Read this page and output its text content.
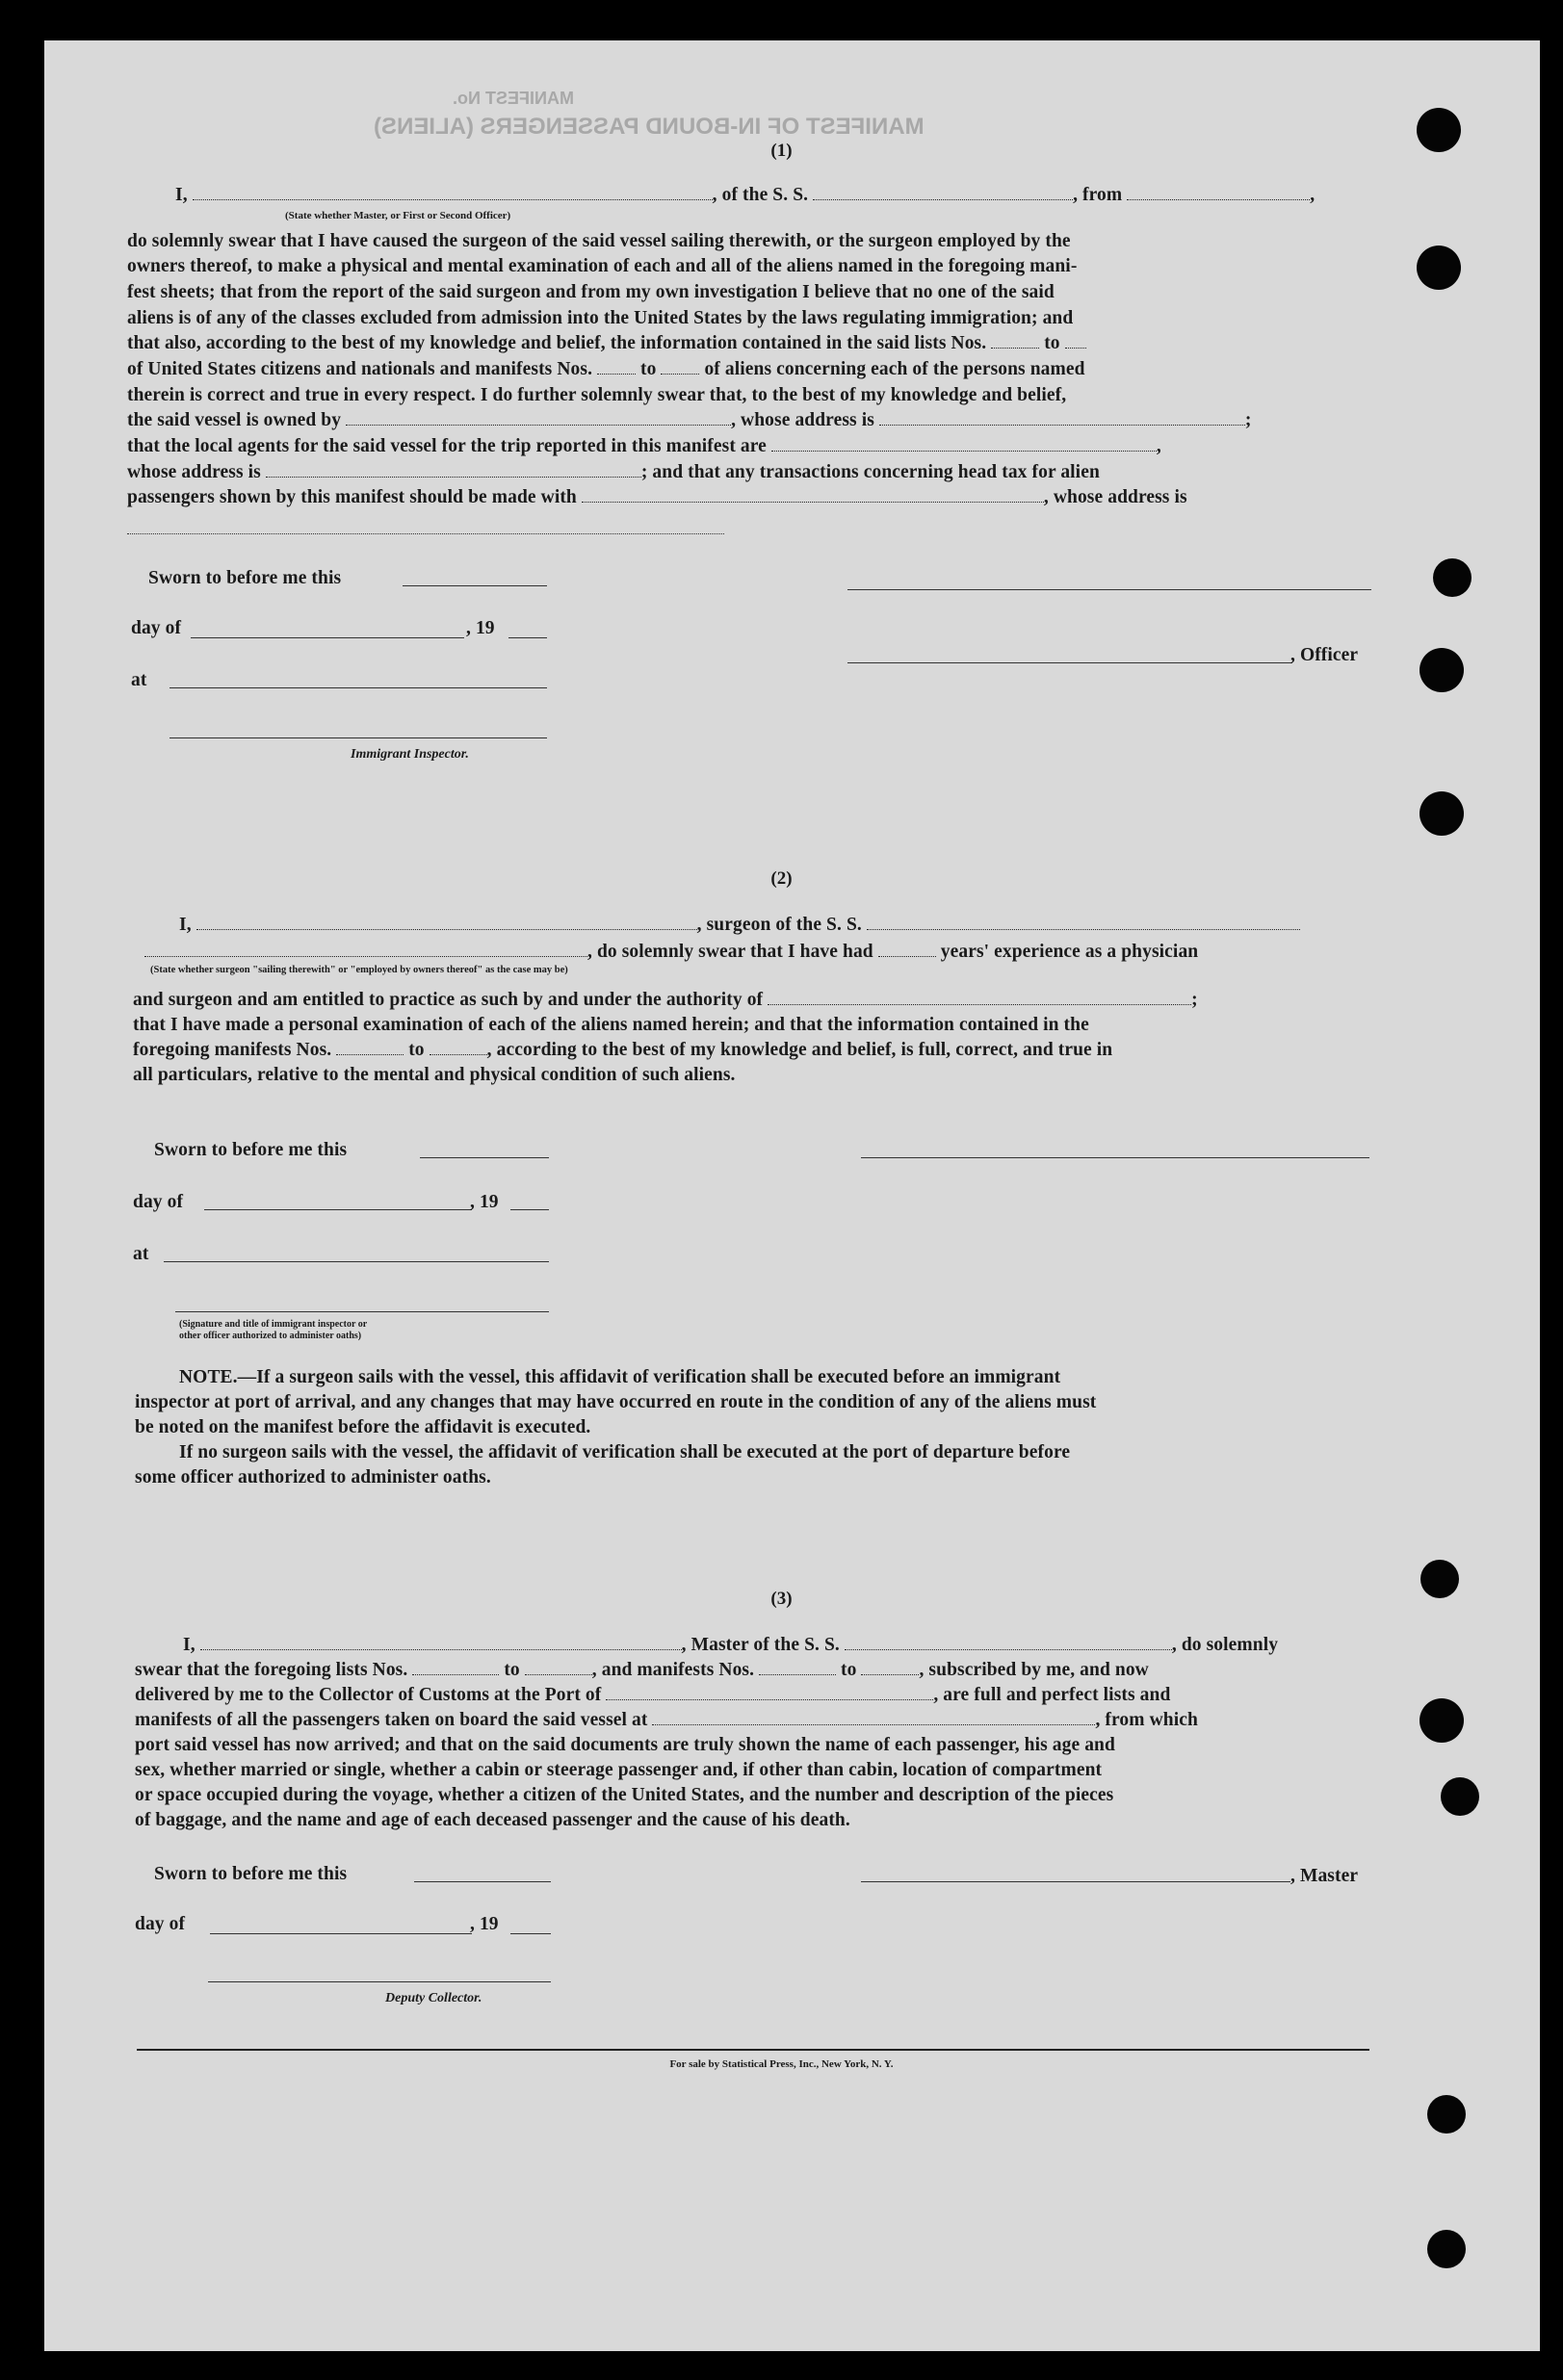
MANIFEST OF IN-BOUND PASSENGERS (ALIENS)
MANIFEST No.
(1)
I,	, of the S. S.	, from	,
(State whether Master, or First or Second Officer)
do solemnly swear that I have caused the surgeon of the said vessel sailing therewith, or the surgeon employed by the
owners thereof, to make a physical and mental examination of each and all of the aliens named in the foregoing mani-
fest sheets; that from the report of the said surgeon and from my own investigation I believe that no one of the said
aliens is of any of the classes excluded from admission into the United States by the laws regulating immigration; and
that also, according to the best of my knowledge and belief, the information contained in the said lists Nos.	to
of United States citizens and nationals and manifests Nos.	to	of aliens concerning each of the persons named
therein is correct and true in every respect. I do further solemnly swear that, to the best of my knowledge and belief,
the said vessel is owned by	, whose address is	;
that the local agents for the said vessel for the trip reported in this manifest are	,
whose address is	; and that any transactions concerning head tax for alien
passengers shown by this manifest should be made with	, whose address is
Sworn to before me this
day of	, 19
at
Immigrant Inspector.
, Officer
(2)
I,	, surgeon of the S. S.
, do solemnly swear that I have had	years' experience as a physician
(State whether surgeon "sailing therewith" or "employed by owners thereof" as the case may be)
and surgeon and am entitled to practice as such by and under the authority of	;
that I have made a personal examination of each of the aliens named herein; and that the information contained in the
foregoing manifests Nos.	to	, according to the best of my knowledge and belief, is full, correct, and true in
all particulars, relative to the mental and physical condition of such aliens.
Sworn to before me this
day of	, 19
at
(Signature and title of immigrant inspector or
other officer authorized to administer oaths)
NOTE.—If a surgeon sails with the vessel, this affidavit of verification shall be executed before an immigrant
inspector at port of arrival, and any changes that may have occurred en route in the condition of any of the aliens must
be noted on the manifest before the affidavit is executed.
If no surgeon sails with the vessel, the affidavit of verification shall be executed at the port of departure before
some officer authorized to administer oaths.
(3)
I,	, Master of the S. S.	, do solemnly
swear that the foregoing lists Nos.	to	, and manifests Nos.	to	, subscribed by me, and now
delivered by me to the Collector of Customs at the Port of	, are full and perfect lists and
manifests of all the passengers taken on board the said vessel at	, from which
port said vessel has now arrived; and that on the said documents are truly shown the name of each passenger, his age and
sex, whether married or single, whether a cabin or steerage passenger and, if other than cabin, location of compartment
or space occupied during the voyage, whether a citizen of the United States, and the number and description of the pieces
of baggage, and the name and age of each deceased passenger and the cause of his death.
Sworn to before me this	, Master
day of	, 19
Deputy Collector.
For sale by Statistical Press, Inc., New York, N. Y.
